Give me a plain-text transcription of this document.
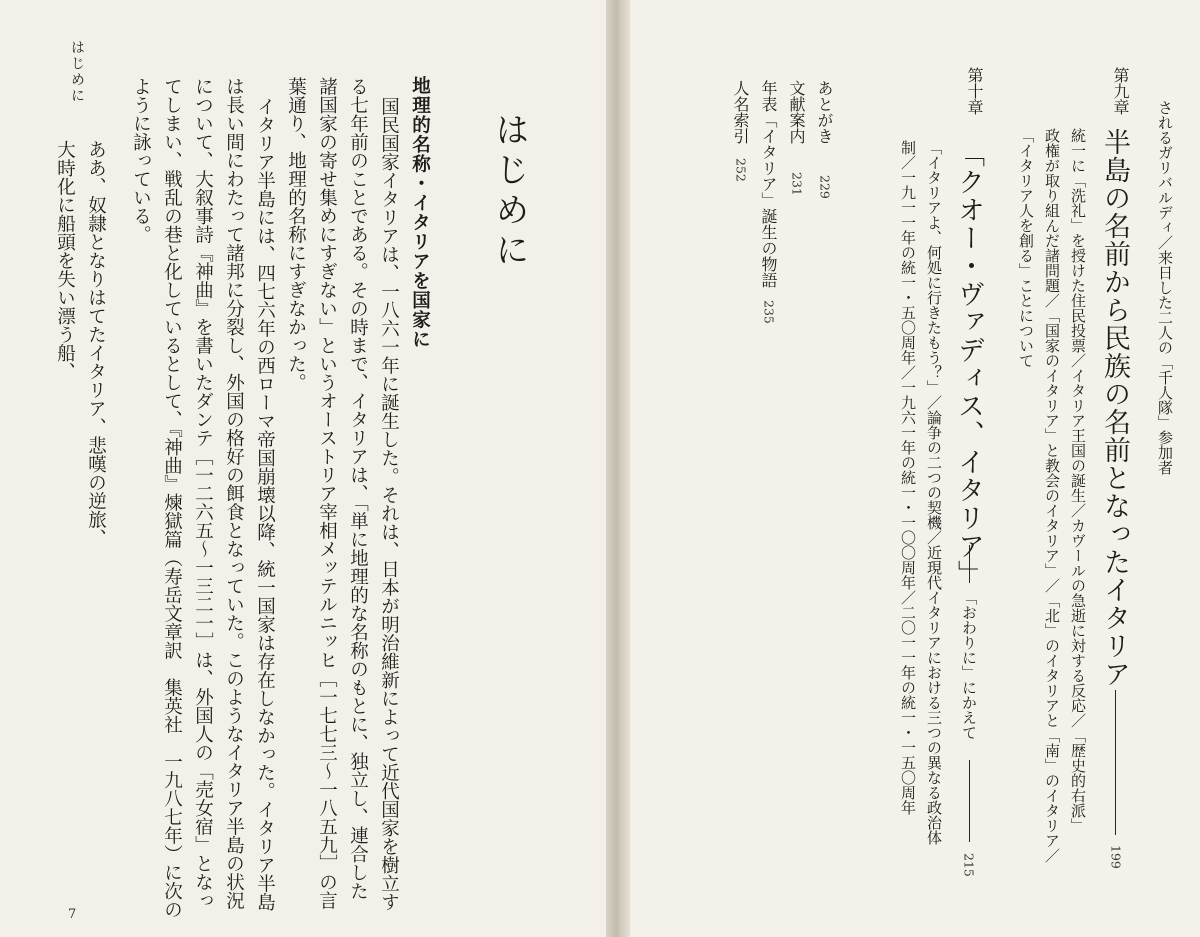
はじめに
はじめに
地理的名称・イタリアを国家に
国民国家イタリアは、一八六一年に誕生した。それは、日本が明治維新によって近代国家を樹立す
る七年前のことである。その時まで、イタリアは、「単に地理的な名称のもとに、独立し、連合した
諸国家の寄せ集めにすぎない」というオーストリア宰相メッテルニッヒ［一七七三〜一八五九］の言
葉通り、地理的名称にすぎなかった。
イタリア半島には、四七六年の西ローマ帝国崩壊以降、統一国家は存在しなかった。イタリア半島
は長い間にわたって諸邦に分裂し、外国の格好の餌食となっていた。このようなイタリア半島の状況
について、大叙事詩『神曲』を書いたダンテ［一二六五〜一三二一］は、外国人の「売女宿」となっ
てしまい、戦乱の巷と化しているとして、『神曲』煉獄篇（寿岳文章訳　集英社　一九八七年）に次の
ように詠っている。
ああ、奴隷となりはてたイタリア、悲嘆の逆旅、
大時化に船頭を失い漂う船、
7
されるガリバルディ／来日した二人の「千人隊」参加者
第九章
半島の名前から民族の名前となったイタリア
199
統一に「洗礼」を授けた住民投票／イタリア王国の誕生／カヴールの急逝に対する反応／「歴史的右派」
政権が取り組んだ諸問題／「国家のイタリア」と教会のイタリア」／「北」のイタリアと「南」のイタリア／
「イタリア人を創る」ことについて
第十章
「クオー・ヴァディス、イタリア」
「おわりに」にかえて
215
「イタリアよ、何処に行きたもう？」／論争の二つの契機／近現代イタリアにおける三つの異なる政治体
制／一九一一年の統一・五〇周年／一九六一年の統一・一〇〇周年／二〇一一年の統一・一五〇周年
あとがき
229
文献案内
231
年表「イタリア」誕生の物語
235
人名索引
252
